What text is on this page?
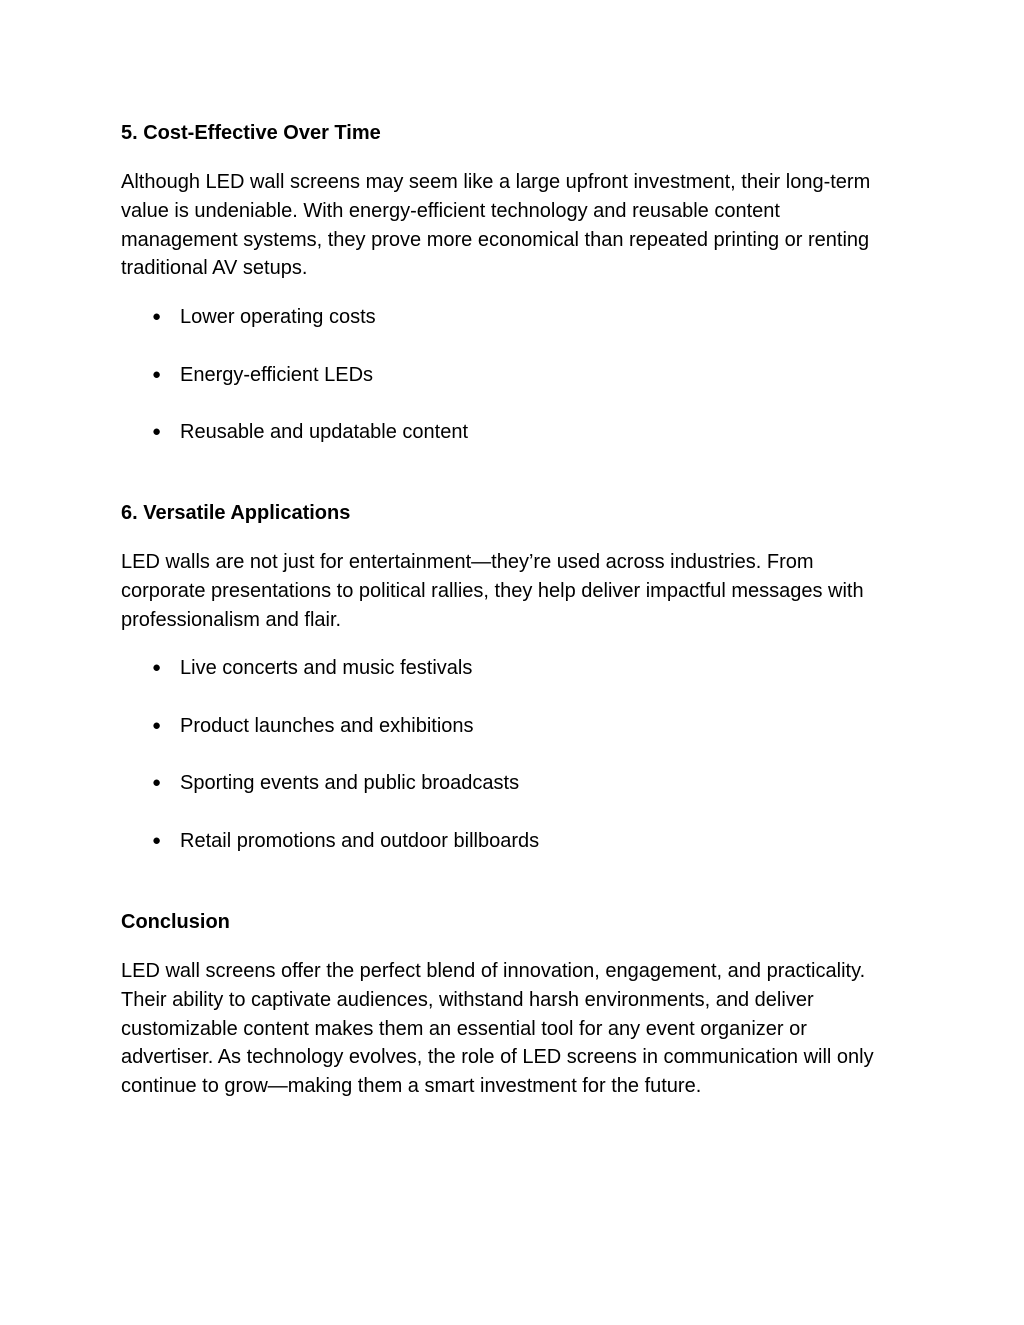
5. Cost-Effective Over Time

Although LED wall screens may seem like a large upfront investment, their long-term value is undeniable. With energy-efficient technology and reusable content management systems, they prove more economical than repeated printing or renting traditional AV setups.

● Lower operating costs
● Energy-efficient LEDs
● Reusable and updatable content
6. Versatile Applications

LED walls are not just for entertainment—they’re used across industries. From corporate presentations to political rallies, they help deliver impactful messages with professionalism and flair.

● Live concerts and music festivals
● Product launches and exhibitions
● Sporting events and public broadcasts
● Retail promotions and outdoor billboards
Conclusion

LED wall screens offer the perfect blend of innovation, engagement, and practicality. Their ability to captivate audiences, withstand harsh environments, and deliver customizable content makes them an essential tool for any event organizer or advertiser. As technology evolves, the role of LED screens in communication will only continue to grow—making them a smart investment for the future.
